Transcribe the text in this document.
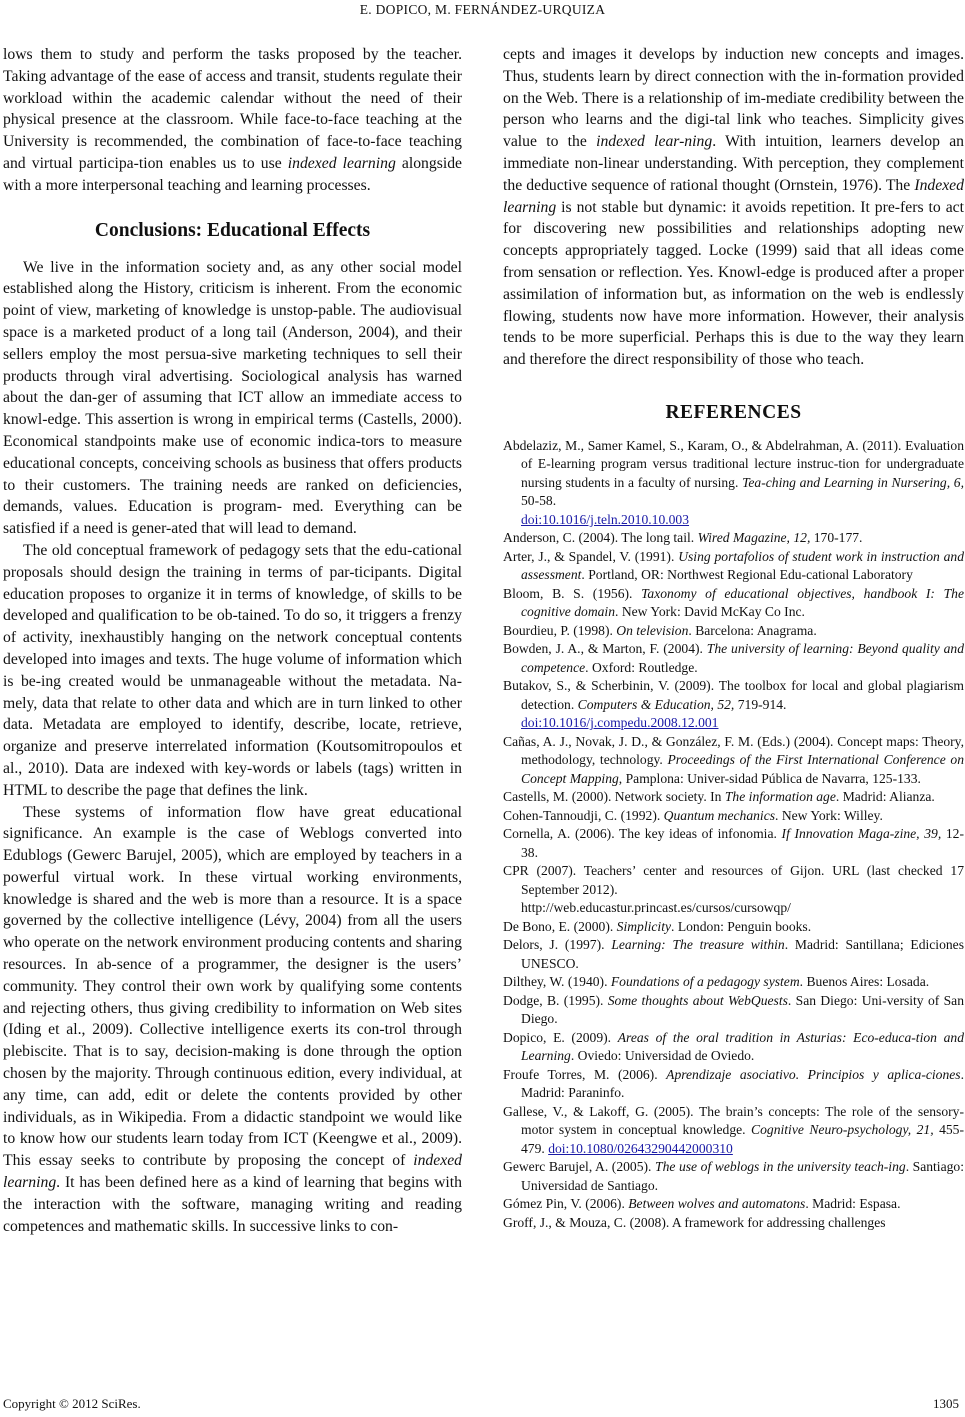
E. DOPICO, M. FERNÁNDEZ-URQUIZA

lows them to study and perform the tasks proposed by the teacher. Taking advantage of the ease of access and transit, students regulate their workload within the academic calendar without the need of their physical presence at the classroom. While face-to-face teaching at the University is recommended, the combination of face-to-face teaching and virtual participa-tion enables us to use indexed learning alongside with a more interpersonal teaching and learning processes.

Conclusions: Educational Effects

We live in the information society and, as any other social model established along the History, criticism is inherent. From the economic point of view, marketing of knowledge is unstop-pable. The audiovisual space is a marketed product of a long tail (Anderson, 2004), and their sellers employ the most persua-sive marketing techniques to sell their products through viral advertising. Sociological analysis has warned about the dan-ger of assuming that ICT allow an immediate access to knowl-edge. This assertion is wrong in empirical terms (Castells, 2000). Economical standpoints make use of economic indica-tors to measure educational concepts, conceiving schools as business that offers products to their customers. The training needs are ranked on deficiencies, demands, values. Education is program- med. Everything can be satisfied if a need is gener-ated that will lead to demand.

The old conceptual framework of pedagogy sets that the edu-cational proposals should design the training in terms of par-ticipants. Digital education proposes to organize it in terms of knowledge, of skills to be developed and qualification to be ob-tained. To do so, it triggers a frenzy of activity, inexhaustibly hanging on the network conceptual contents developed into images and texts. The huge volume of information which is be-ing created would be unmanageable without the metadata. Na-mely, data that relate to other data and which are in turn linked to other data. Metadata are employed to identify, describe, locate, retrieve, organize and preserve interrelated information (Koutsomitropoulos et al., 2010). Data are indexed with key-words or labels (tags) written in HTML to describe the page that defines the link.

These systems of information flow have great educational significance. An example is the case of Weblogs converted into Edublogs (Gewerc Barujel, 2005), which are employed by teachers in a powerful virtual work. In these virtual working environments, knowledge is shared and the web is more than a resource. It is a space governed by the collective intelligence (Lévy, 2004) from all the users who operate on the network environment producing contents and sharing resources. In ab-sence of a programmer, the designer is the users’ community. They control their own work by qualifying some contents and rejecting others, thus giving credibility to information on Web sites (Iding et al., 2009). Collective intelligence exerts its con-trol through plebiscite. That is to say, decision-making is done through the option chosen by the majority. Through continuous edition, every individual, at any time, can add, edit or delete the contents provided by other individuals, as in Wikipedia. From a didactic standpoint we would like to know how our students learn today from ICT (Keengwe et al., 2009). This essay seeks to contribute by proposing the concept of indexed learning. It has been defined here as a kind of learning that begins with the interaction with the software, managing writing and reading competences and mathematic skills. In successive links to con-

cepts and images it develops by induction new concepts and images. Thus, students learn by direct connection with the in-formation provided on the Web. There is a relationship of im-mediate credibility between the person who learns and the digi-tal link who teaches. Simplicity gives value to the indexed lear-ning. With intuition, learners develop an immediate non-linear understanding. With perception, they complement the deductive sequence of rational thought (Ornstein, 1976). The Indexed learning is not stable but dynamic: it avoids repetition. It pre-fers to act for discovering new possibilities and relationships adopting new concepts appropriately tagged. Locke (1999) said that all ideas come from sensation or reflection. Yes. Knowl-edge is produced after a proper assimilation of information but, as information on the web is endlessly flowing, students now have more information. However, their analysis tends to be more superficial. Perhaps this is due to the way they learn and therefore the direct responsibility of those who teach.

REFERENCES

Abdelaziz, M., Samer Kamel, S., Karam, O., & Abdelrahman, A. (2011). Evaluation of E-learning program versus traditional lecture instruc-tion for undergraduate nursing students in a faculty of nursing. Tea-ching and Learning in Nurserin​g, 6, 50-58.
doi:10.1016/j.teln.2010.10.003

Anderson, C. (2004). The long tail. Wired Magazine, 12, 170-177.

Arter, J., & Spandel, V. (1991). Using portafolios of student work in instruction and assessment. Portland, OR: Northwest Regional Edu-cational Laboratory

Bloom, B. S. (1956). Taxonomy of educational objectives, handbook I: The cognitive domain. New York: David McKay Co Inc.

Bourdieu, P. (1998). On television. Barcelona: Anagrama.

Bowden, J. A., & Marton, F. (2004). The university of learning: Beyond quality and competence. Oxford: Routledge.

Butakov, S., & Scherbinin, V. (2009). The toolbox for local and global plagiarism detection. Computers & Education, 52, 719-914.
doi:10.1016/j.compedu.2008.12.001

Cañas, A. J., Novak, J. D., & González, F. M. (Eds.) (2004). Concept maps: Theory, methodology, technology. Proceedings of the First International Conference on Concept Mapping, Pamplona: Univer-sidad Pública de Navarra, 125-133.

Castells, M. (2000). Network society. In The information age. Madrid: Alianza.

Cohen-Tannoudji, C. (1992). Quantum mechanics. New York: Willey.

Cornella, A. (2006). The key ideas of infonomia. If Innovation Maga-zine, 39, 12-38.

CPR (2007). Teachers’ center and resources of Gijon. URL (last checked 17 September 2012).
http://web.educastur.princast.es/cursos/cursowqp/

De Bono, E. (2000). Simplicity. London: Penguin books.

Delors, J. (1997). Learning: The treasure within. Madrid: Santillana; Ediciones UNESCO.

Dilthey, W. (1940). Foundations of a pedagogy system. Buenos Aires: Losada.

Dodge, B. (1995). Some thoughts about WebQuests. San Diego: Uni-versity of San Diego.

Dopico, E. (2009). Areas of the oral tradition in Asturias: Eco-educa-tion and Learning. Oviedo: Universidad de Oviedo.

Froufe Torres, M. (2006). Aprendizaje asociativo. Principios y aplica-ciones. Madrid: Paraninfo.

Gallese, V., & Lakoff, G. (2005). The brain’s concepts: The role of the sensory-motor system in conceptual knowledge. Cognitive Neuro-psychology, 21, 455-479. doi:10.1080/02643290442000310

Gewerc Barujel, A. (2005). The use of weblogs in the university teach-ing. Santiago: Universidad de Santiago.

Gómez Pin, V. (2006). Between wolves and automatons. Madrid: Espasa.

Groff, J., & Mouza, C. (2008). A framework for addressing challenges

Copyright © 2012 SciRes.	1305
